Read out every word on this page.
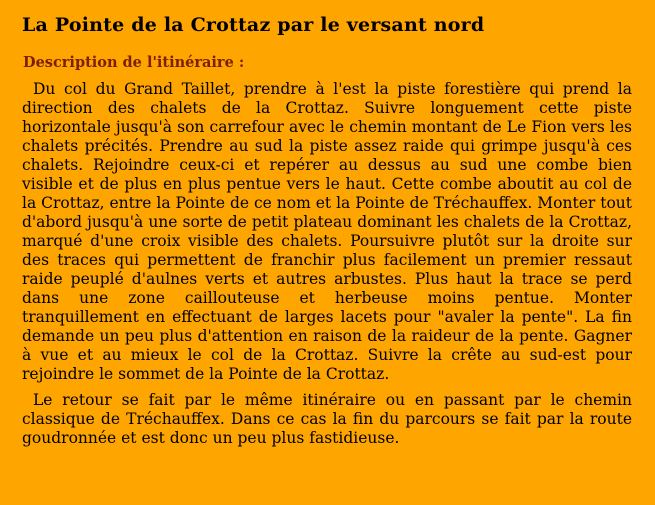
La Pointe de la Crottaz par le versant nord
Description de l'itinéraire :

Du col du Grand Taillet, prendre à l'est la piste forestière qui prend la direction des chalets de la Crottaz. Suivre longuement cette piste horizontale jusqu'à son carrefour avec le chemin montant de Le Fion vers les chalets précités. Prendre au sud la piste assez raide qui grimpe jusqu'à ces chalets. Rejoindre ceux-ci et repérer au dessus au sud une combe bien visible et de plus en plus pentue vers le haut. Cette combe aboutit au col de la Crottaz, entre la Pointe de ce nom et la Pointe de Tréchauffex. Monter tout d'abord jusqu'à une sorte de petit plateau dominant les chalets de la Crottaz, marqué d'une croix visible des chalets. Poursuivre plutôt sur la droite sur des traces qui permettent de franchir plus facilement un premier ressaut raide peuplé d'aulnes verts et autres arbustes. Plus haut la trace se perd dans une zone caillouteuse et herbeuse moins pentue. Monter tranquillement en effectuant de larges lacets pour "avaler la pente". La fin demande un peu plus d'attention en raison de la raideur de la pente. Gagner à vue et au mieux le col de la Crottaz. Suivre la crête au sud-est pour rejoindre le sommet de la Pointe de la Crottaz.

Le retour se fait par le même itinéraire ou en passant par le chemin classique de Tréchauffex. Dans ce cas la fin du parcours se fait par la route goudronnée et est donc un peu plus fastidieuse.
